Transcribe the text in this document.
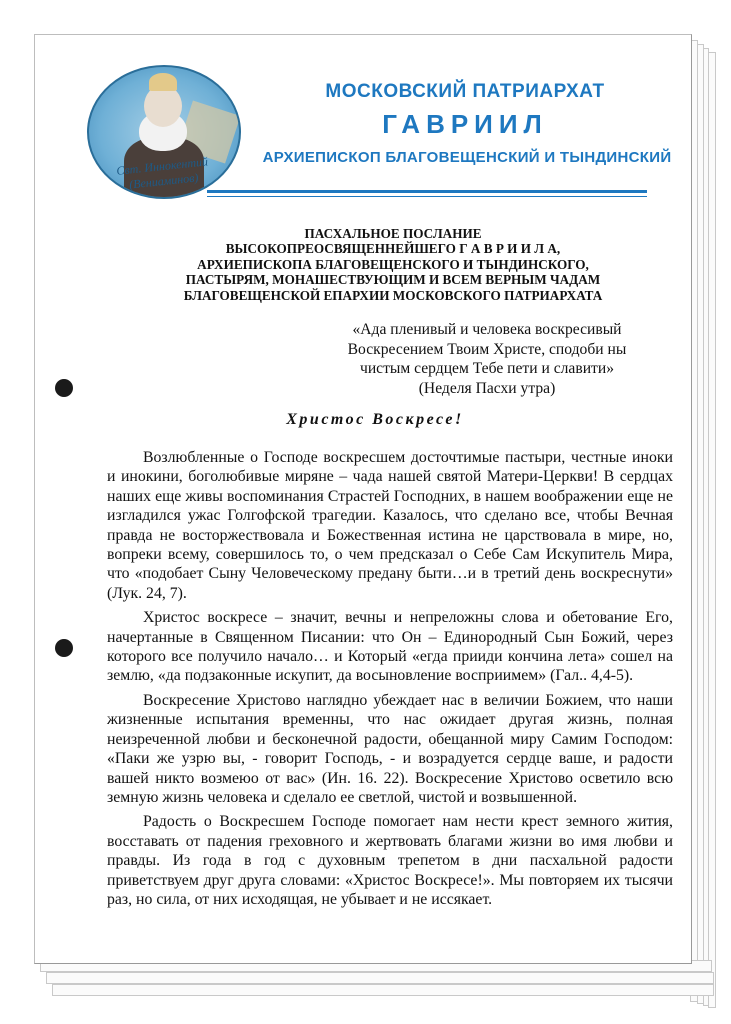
Свт. Иннокентий (Вениаминов)
МОСКОВСКИЙ ПАТРИАРХАТ
ГАВРИИЛ
АРХИЕПИСКОП БЛАГОВЕЩЕНСКИЙ И ТЫНДИНСКИЙ
ПАСХАЛЬНОЕ ПОСЛАНИЕ
ВЫСОКОПРЕОСВЯЩЕННЕЙШЕГО Г А В Р И И Л А,
АРХИЕПИСКОПА БЛАГОВЕЩЕНСКОГО И ТЫНДИНСКОГО,
ПАСТЫРЯМ, МОНАШЕСТВУЮЩИМ И ВСЕМ ВЕРНЫМ ЧАДАМ
БЛАГОВЕЩЕНСКОЙ ЕПАРХИИ МОСКОВСКОГО ПАТРИАРХАТА
«Ада пленивый и человека воскресивый
Воскресением Твоим Христе, сподоби ны
чистым сердцем Тебе пети и славити»
(Неделя Пасхи утра)
Христос Воскресе!

Возлюбленные о Господе воскресшем досточтимые пастыри, честные иноки и инокини, боголюбивые миряне – чада нашей святой Матери-Церкви! В сердцах наших еще живы воспоминания Страстей Господних, в нашем воображении еще не изгладился ужас Голгофской трагедии. Казалось, что сделано все, чтобы Вечная правда не восторжествовала и Божественная истина не царствовала в мире, но, вопреки всему, совершилось то, о чем предсказал о Себе Сам Искупитель Мира, что «подобает Сыну Человеческому предану быти…и в третий день воскреснути» (Лук. 24, 7).

Христос воскресе – значит, вечны и непреложны слова и обетование Его, начертанные в Священном Писании: что Он – Единородный Сын Божий, через которого все получило начало… и Который «егда прииди кончина лета» сошел на землю, «да подзаконные искупит, да восыновление восприимем» (Гал.. 4,4-5).

Воскресение Христово наглядно убеждает нас в величии Божием, что наши жизненные испытания временны, что нас ожидает другая жизнь, полная неизреченной любви и бесконечной радости, обещанной миру Самим Господом: «Паки же узрю вы, - говорит Господь, - и возрадуется сердце ваше, и радости вашей никто возмеюо от вас» (Ин. 16. 22). Воскресение Христово осветило всю земную жизнь человека и сделало ее светлой, чистой и возвышенной.

Радость о Воскресшем Господе помогает нам нести крест земного жития, восставать от падения греховного и жертвовать благами жизни во имя любви и правды. Из года в год с духовным трепетом в дни пасхальной радости приветствуем друг друга словами: «Христос Воскресе!». Мы повторяем их тысячи раз, но сила, от них исходящая, не убывает и не иссякает.
